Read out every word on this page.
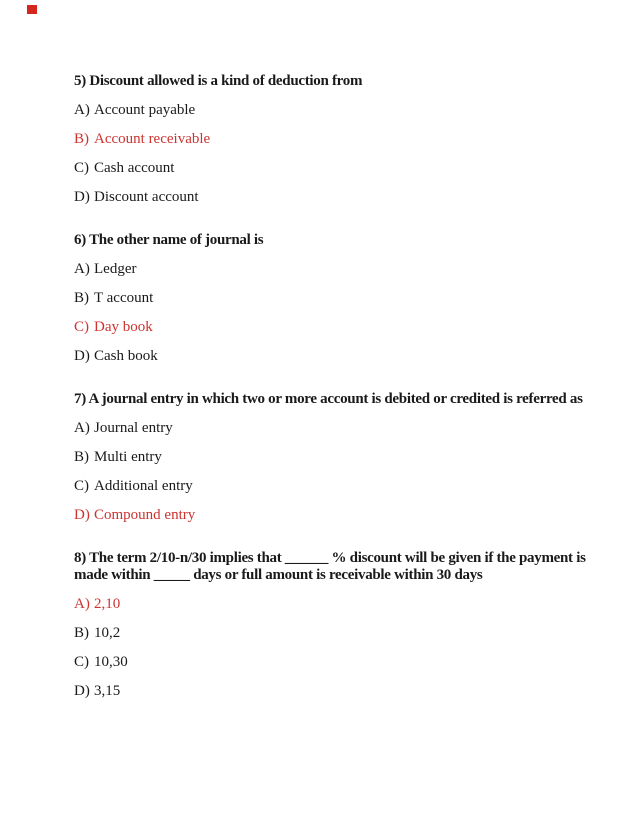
5) Discount allowed is a kind of deduction from

A) Account payable

B) Account receivable

C) Cash account

D) Discount account

6) The other name of journal is

A) Ledger

B) T account

C) Day book

D) Cash book

7) A journal entry in which two or more account is debited or credited is referred as

A) Journal entry

B) Multi entry

C) Additional entry

D) Compound entry

8) The term 2/10-n/30 implies that ______ % discount will be given if the payment is made within _____ days or full amount is receivable within 30 days

A) 2,10

B) 10,2

C) 10,30

D) 3,15
